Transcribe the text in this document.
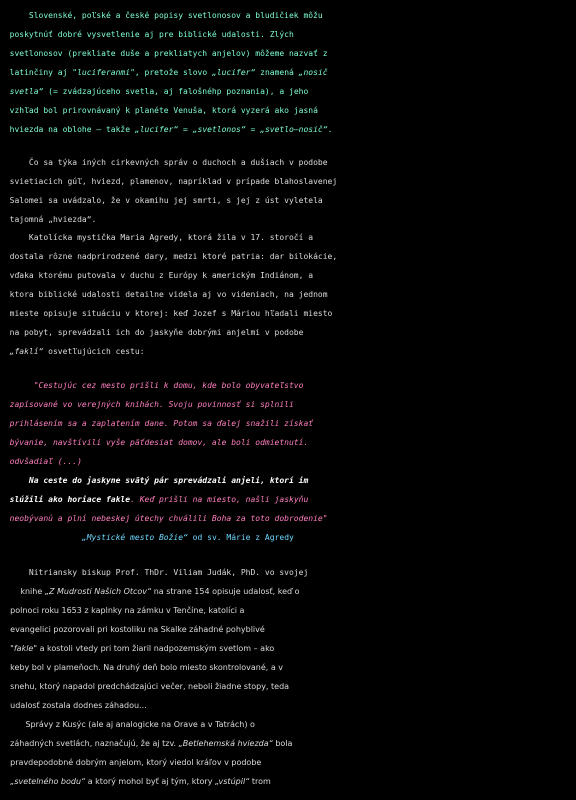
Slovenské, poľské a české popisy svetlonosov a bludičiek môžu
poskytnúť dobré vysvetlenie aj pre biblické udalosti. Zlých
svetlonosov (prekliate duše a prekliatych anjelov) môžeme nazvať z
latinčiny aj "luciferanmi", pretože slovo „lucifer“ znamená „nosič
svetla“ (= zvádzajúceho svetla, aj falošnéhp poznania), a jeho
vzhľad bol prirovnávaný k planéte Venuša, ktorá vyzerá ako jasná
hviezda na oblohe – takže „lucifer“ = „svetlonos“ = „svetlo–nosič“.
Čo sa týka iných cirkevných správ o duchoch a dušiach v podobe
svietiacich gúľ, hviezd, plamenov, napríklad v prípade blahoslavenej
Salomei sa uvádzalo, že v okamihu jej smrti, s jej z úst vyletela
tajomná „hviezda“.
Katolícka mystička Maria Agredy, ktorá žila v 17. storočí a
dostala rôzne nadprirodzené dary, medzi ktoré patria: dar bilokácie,
vďaka ktorému putovala v duchu z Európy k americkým Indiánom, a
ktora biblické udalosti detailne videla aj vo videniach, na jednom
mieste opisuje situáciu v ktorej: keď Jozef s Máriou hľadali miesto
na pobyt, sprevádzali ich do jaskyňe dobrými anjelmi v podobe
„faklí“ osvetľujúcich cestu:
"Cestujúc cez mesto prišli k domu, kde bolo obyvateľstvo
zapísované vo verejných knihách. Svoju povinnosť si splnili
prihlásením sa a zaplatením dane. Potom sa ďalej snažili získať
bývanie, navštívili vyše päťdesiat domov, ale boli odmietnutí.
odvšadiaľ (...)
Na ceste do jaskyne svätý pár sprevádzali anjeli, ktorí im
slúžili ako horiace fakle. Keď prišli na miesto, našli jaskyňu
neobývanú a plní nebeskej útechy chválili Boha za toto dobrodenie"
„Mystické mesto Božie“ od sv. Márie z Agredy
Nitriansky biskup Prof. ThDr. Viliam Judák, PhD. vo svojej
knihe „Z Mudrosti Našich Otcov“ na strane 154 opisuje udalosť, keď o
polnoci roku 1653 z kaplnky na zámku v Tenčíne, katolíci a
evangelici pozorovali pri kostoliku na Skalke záhadné pohyblivé
"fakle" a kostoli vtedy pri tom žiaril nadpozemským svetlom – ako
keby bol v plameňoch. Na druhý deň bolo miesto skontrolované, a v
snehu, ktorý napadol predchádzajúci večer, neboli žiadne stopy, teda
udalosť zostala dodnes záhadou...
Správy z Kusýc (ale aj analogicke na Orave a v Tatrách) o
záhadných svetlách, naznačujú, že aj tzv. „Betlehemská hviezda“ bola
pravdepodobné dobrým anjelom, ktorý viedol kráľov v podobe
„svetelného bodu“ a ktorý mohol byť aj tým, ktory „vstúpil“ trom
